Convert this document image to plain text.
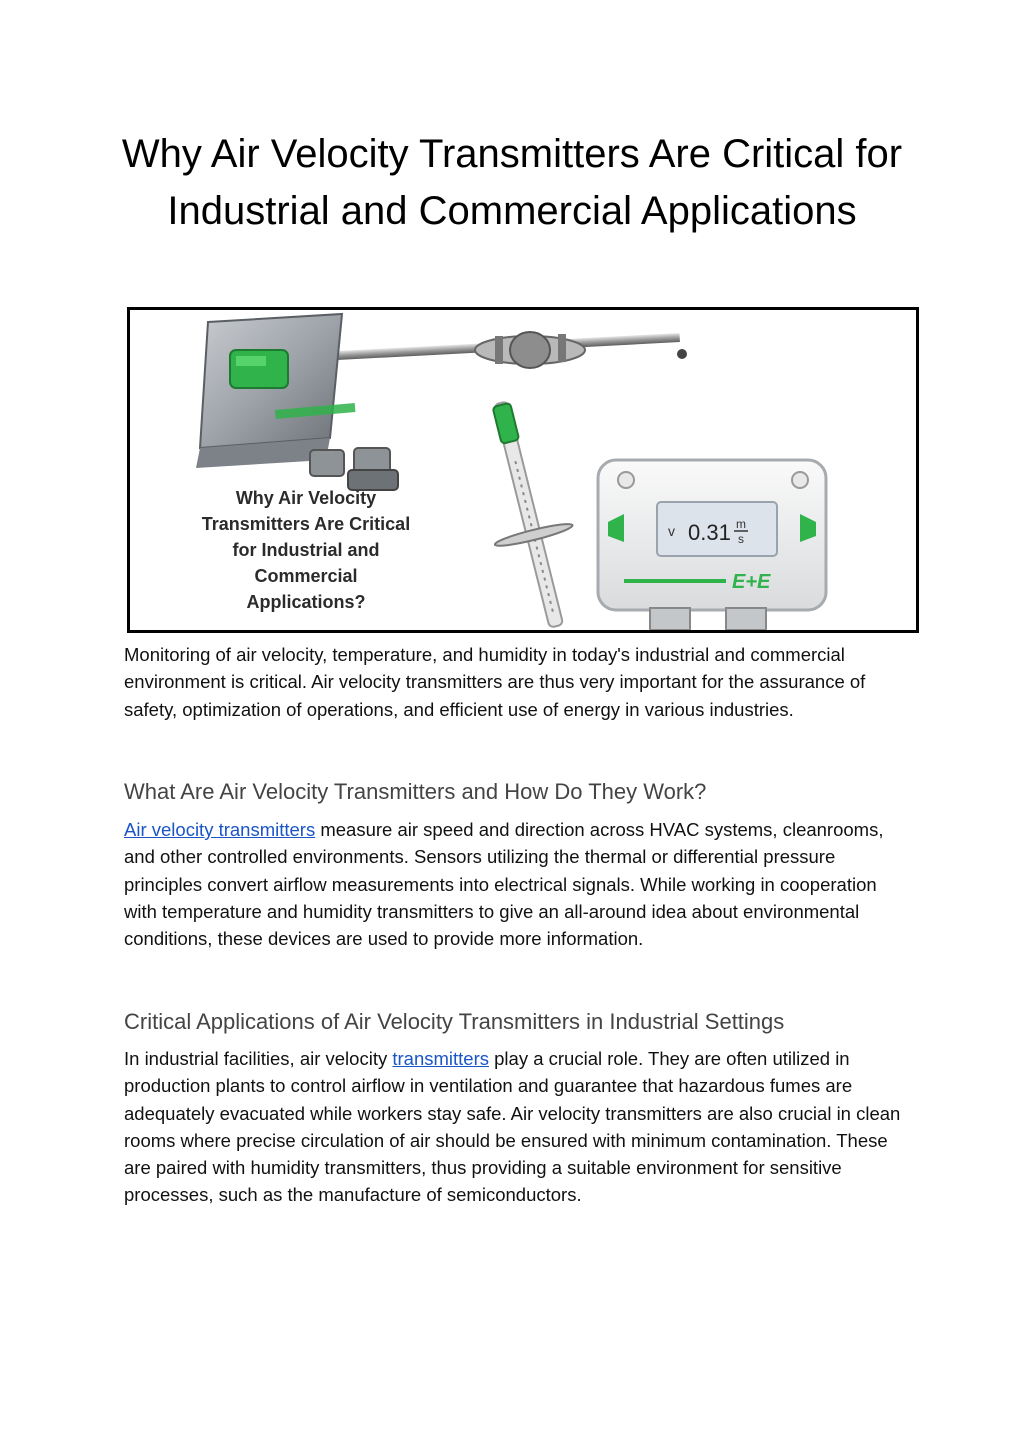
Why Air Velocity Transmitters Are Critical for Industrial and Commercial Applications
v 0.31 m
s
E+E
Why Air Velocity
Transmitters Are Critical
for Industrial and
Commercial
Applications?

Monitoring of air velocity, temperature, and humidity in today's industrial and commercial environment is critical. Air velocity transmitters are thus very important for the assurance of safety, optimization of operations, and efficient use of energy in various industries.

What Are Air Velocity Transmitters and How Do They Work?

Air velocity transmitters measure air speed and direction across HVAC systems, cleanrooms, and other controlled environments. Sensors utilizing the thermal or differential pressure principles convert airflow measurements into electrical signals. While working in cooperation with temperature and humidity transmitters to give an all-around idea about environmental conditions, these devices are used to provide more information.

Critical Applications of Air Velocity Transmitters in Industrial Settings

In industrial facilities, air velocity transmitters play a crucial role. They are often utilized in production plants to control airflow in ventilation and guarantee that hazardous fumes are adequately evacuated while workers stay safe. Air velocity transmitters are also crucial in clean rooms where precise circulation of air should be ensured with minimum contamination. These are paired with humidity transmitters, thus providing a suitable environment for sensitive processes, such as the manufacture of semiconductors.
